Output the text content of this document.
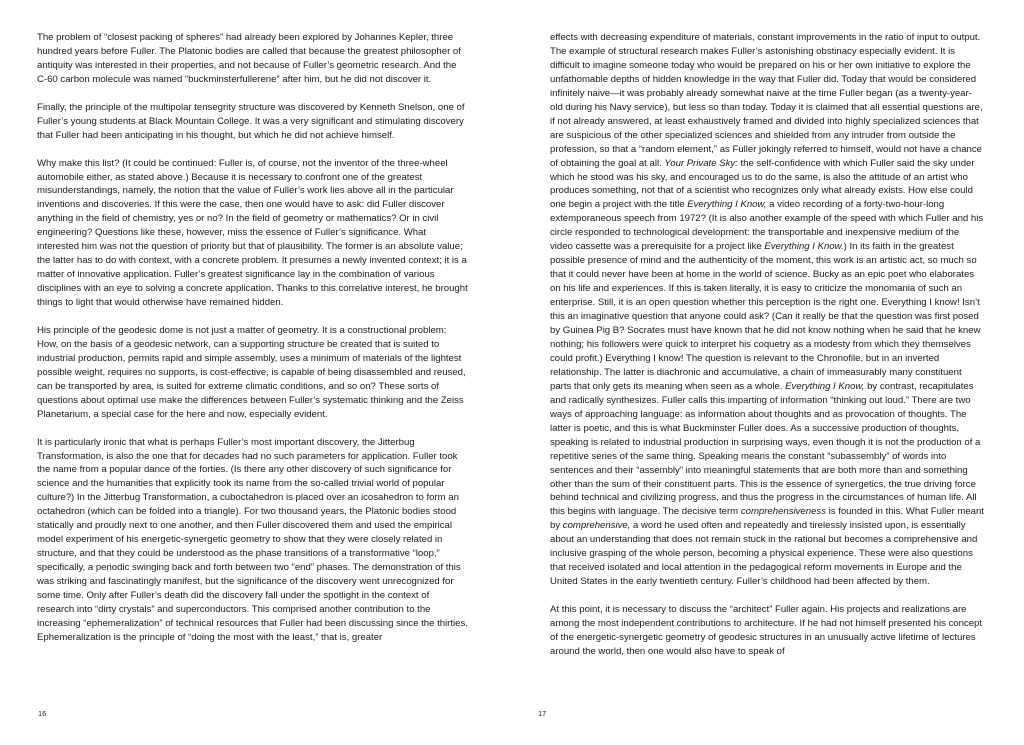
The problem of “closest packing of spheres” had already been explored by Johannes Kepler, three hundred years before Fuller. The Platonic bodies are called that because the greatest philosopher of antiquity was interested in their properties, and not because of Fuller’s geometric research. And the C-60 carbon molecule was named “buckminsterfullerene” after him, but he did not discover it.

Finally, the principle of the multipolar tensegrity structure was discovered by Kenneth Snelson, one of Fuller’s young students at Black Mountain College. It was a very significant and stimulating discovery that Fuller had been anticipating in his thought, but which he did not achieve himself.

Why make this list? (It could be continued: Fuller is, of course, not the inventor of the three-wheel automobile either, as stated above.) Because it is necessary to confront one of the greatest misunderstandings, namely, the notion that the value of Fuller’s work lies above all in the particular inventions and discoveries. If this were the case, then one would have to ask: did Fuller discover anything in the field of chemistry, yes or no? In the field of geometry or mathematics? Or in civil engineering? Questions like these, however, miss the essence of Fuller’s significance. What interested him was not the question of priority but that of plausibility. The former is an absolute value; the latter has to do with context, with a concrete problem. It presumes a newly invented context; it is a matter of innovative application. Fuller’s greatest significance lay in the combination of various disciplines with an eye to solving a concrete application. Thanks to this correlative interest, he brought things to light that would otherwise have remained hidden.

His principle of the geodesic dome is not just a matter of geometry. It is a constructional problem: How, on the basis of a geodesic network, can a supporting structure be created that is suited to industrial production, permits rapid and simple assembly, uses a minimum of materials of the lightest possible weight, requires no supports, is cost-effective, is capable of being disassembled and reused, can be transported by area, is suited for extreme climatic conditions, and so on? These sorts of questions about optimal use make the differences between Fuller’s systematic thinking and the Zeiss Planetarium, a special case for the here and now, especially evident.

It is particularly ironic that what is perhaps Fuller’s most important discovery, the Jitterbug Transformation, is also the one that for decades had no such parameters for application. Fuller took the name from a popular dance of the forties. (Is there any other discovery of such significance for science and the humanities that explicitly took its name from the so-called trivial world of popular culture?) In the Jitterbug Transformation, a cuboctahedron is placed over an icosahedron to form an octahedron (which can be folded into a triangle). For two thousand years, the Platonic bodies stood statically and proudly next to one another, and then Fuller discovered them and used the empirical model experiment of his energetic-synergetic geometry to show that they were closely related in structure, and that they could be understood as the phase transitions of a transformative “loop,” specifically, a periodic swinging back and forth between two “end” phases. The demonstration of this was striking and fascinatingly manifest, but the significance of the discovery went unrecognized for some time. Only after Fuller’s death did the discovery fall under the spotlight in the context of research into “dirty crystals” and superconductors. This comprised another contribution to the increasing “ephemeralization” of technical resources that Fuller had been discussing since the thirties. Ephemeralization is the principle of “doing the most with the least,” that is, greater

16

effects with decreasing expenditure of materials, constant improvements in the ratio of input to output. The example of structural research makes Fuller’s astonishing obstinacy especially evident. It is difficult to imagine someone today who would be prepared on his or her own initiative to explore the unfathomable depths of hidden knowledge in the way that Fuller did. Today that would be considered infinitely naive—it was probably already somewhat naive at the time Fuller began (as a twenty-year-old during his Navy service), but less so than today. Today it is claimed that all essential questions are, if not already answered, at least exhaustively framed and divided into highly specialized sciences that are suspicious of the other specialized sciences and shielded from any intruder from outside the profession, so that a “random element,” as Fuller jokingly referred to himself, would not have a chance of obtaining the goal at all. Your Private Sky: the self-confidence with which Fuller said the sky under which he stood was his sky, and encouraged us to do the same, is also the attitude of an artist who produces something, not that of a scientist who recognizes only what already exists. How else could one begin a project with the title Everything I Know, a video recording of a forty-two-hour-long extemporaneous speech from 1972? (It is also another example of the speed with which Fuller and his circle responded to technological development: the transportable and inexpensive medium of the video cassette was a prerequisite for a project like Everything I Know.) In its faith in the greatest possible presence of mind and the authenticity of the moment, this work is an artistic act, so much so that it could never have been at home in the world of science. Bucky as an epic poet who elaborates on his life and experiences. If this is taken literally, it is easy to criticize the monomania of such an enterprise. Still, it is an open question whether this perception is the right one. Everything I know! Isn’t this an imaginative question that anyone could ask? (Can it really be that the question was first posed by Guinea Pig B? Socrates must have known that he did not know nothing when he said that he knew nothing; his followers were quick to interpret his coquetry as a modesty from which they themselves could profit.) Everything I know! The question is relevant to the Chronofile, but in an inverted relationship. The latter is diachronic and accumulative, a chain of immeasurably many constituent parts that only gets its meaning when seen as a whole. Everything I Know, by contrast, recapitulates and radically synthesizes. Fuller calls this imparting of information “thinking out loud.” There are two ways of approaching language: as information about thoughts and as provocation of thoughts. The latter is poetic, and this is what Buckminster Fuller does. As a successive production of thoughts, speaking is related to industrial production in surprising ways, even though it is not the production of a repetitive series of the same thing. Speaking means the constant “subassembly” of words into sentences and their “assembly” into meaningful statements that are both more than and something other than the sum of their constituent parts. This is the essence of synergetics, the true driving force behind technical and civilizing progress, and thus the progress in the circumstances of human life. All this begins with language. The decisive term comprehensiveness is founded in this. What Fuller meant by comprehensive, a word he used often and repeatedly and tirelessly insisted upon, is essentially about an understanding that does not remain stuck in the rational but becomes a comprehensive and inclusive grasping of the whole person, becoming a physical experience. These were also questions that received isolated and local attention in the pedagogical reform movements in Europe and the United States in the early twentieth century. Fuller’s childhood had been affected by them.

At this point, it is necessary to discuss the “architect” Fuller again. His projects and realizations are among the most independent contributions to architecture. If he had not himself presented his concept of the energetic-synergetic geometry of geodesic structures in an unusually active lifetime of lectures around the world, then one would also have to speak of

17
